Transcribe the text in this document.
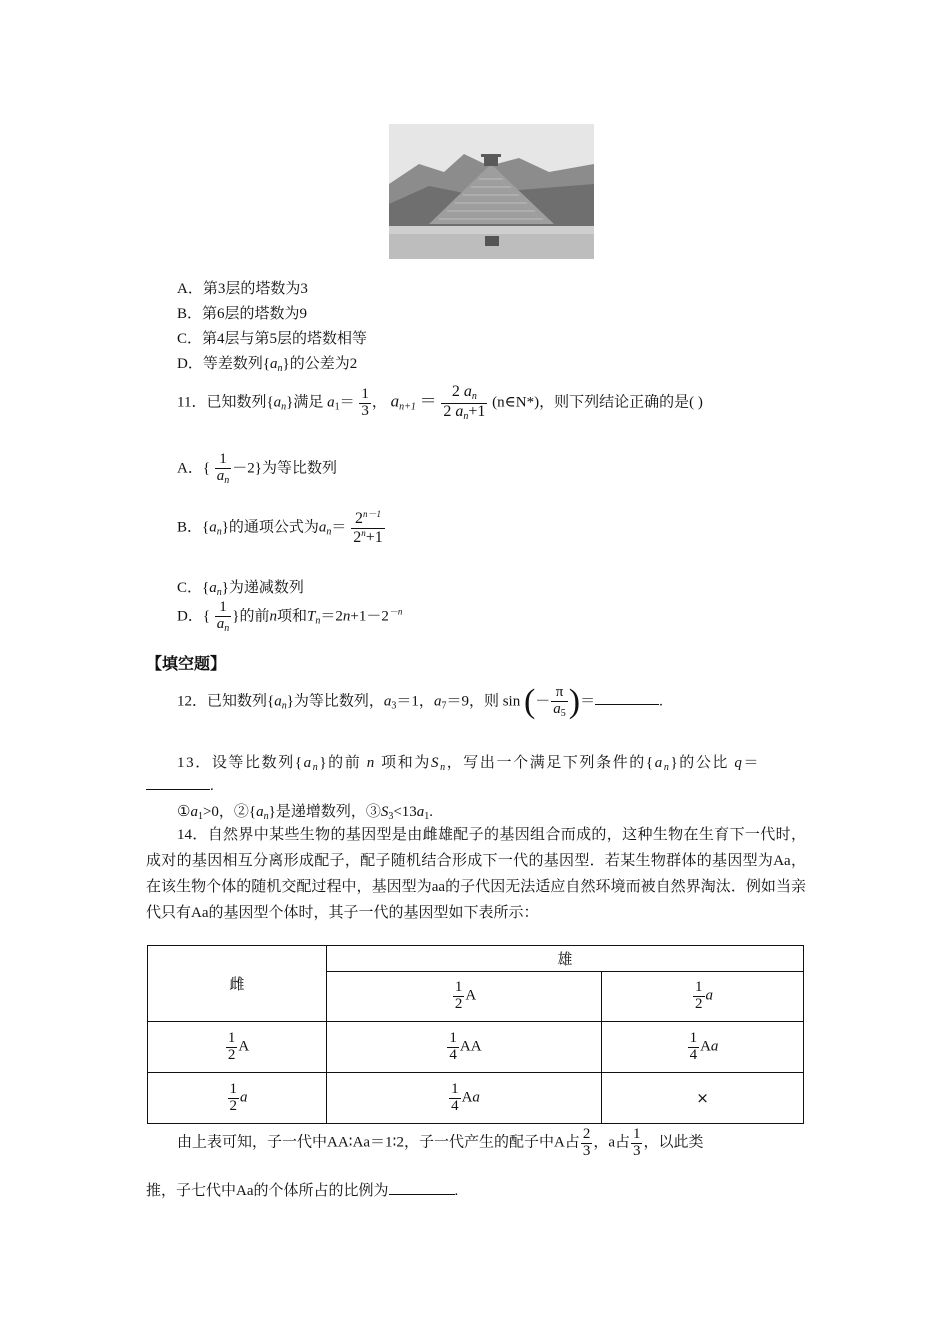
A．第3层的塔数为3
B．第6层的塔数为9
C．第4层与第5层的塔数相等
D．等差数列$\{a_n\}$的公差为2
11．已知数列$\{a_n\}$满足 $a_1= \frac{1}{3}$ ， $a_{n+1} = \frac{2 a_n}{2 a_n+1}$ (n∈N*)，则下列结论正确的是( )
A．{ $\frac{1}{a_n} -2$}为等比数列
B．$\{a_n\}$的通项公式为$a_n= \frac{2^{n-1}}{2^n+1}$
C．$\{a_n\}$为递减数列
D．{ $\frac{1}{a_n}$ }的前n项和$T_n=2n+1-2^{-n}$
【填空题】
12．已知数列$\{a_n\}$为等比数列，$a_3=1$，$a_7=9$，则 sin (－ $\frac{\pi}{a_5}$ )＝	.
13．设等比数列$\{a_n\}$的前 n 项和为$S_n$，写出一个满足下列条件的$\{a_n\}$的公比 q＝
.
$①a_1>0$，$②\{a_n\}$是递增数列，$③S_3<13a_1$.
14．自然界中某些生物的基因型是由雌雄配子的基因组合而成的，这种生物在生育下一代时，成对的基因相互分离形成配子，配子随机结合形成下一代的基因型．若某生物群体的基因型为Aa，在该生物个体的随机交配过程中，基因型为aa的子代因无法适应自然环境而被自然界淘汰．例如当亲代只有Aa的基因型个体时，其子一代的基因型如下表所示：
雌	雄	

	$\frac{1}{2}$ A	$\frac{1}{2}$ a

$\frac{1}{2}$ A	$\frac{1}{4}$ AA	$\frac{1}{4}$ Aa

$\frac{1}{2}$ a	$\frac{1}{4}$ Aa	×
由上表可知，子一代中AA∶Aa＝1∶2，子一代产生的配子中A占 $\frac{2}{3}$ ，a占 $\frac{1}{3}$ ，以此类
推，子七代中Aa的个体所占的比例为	.
